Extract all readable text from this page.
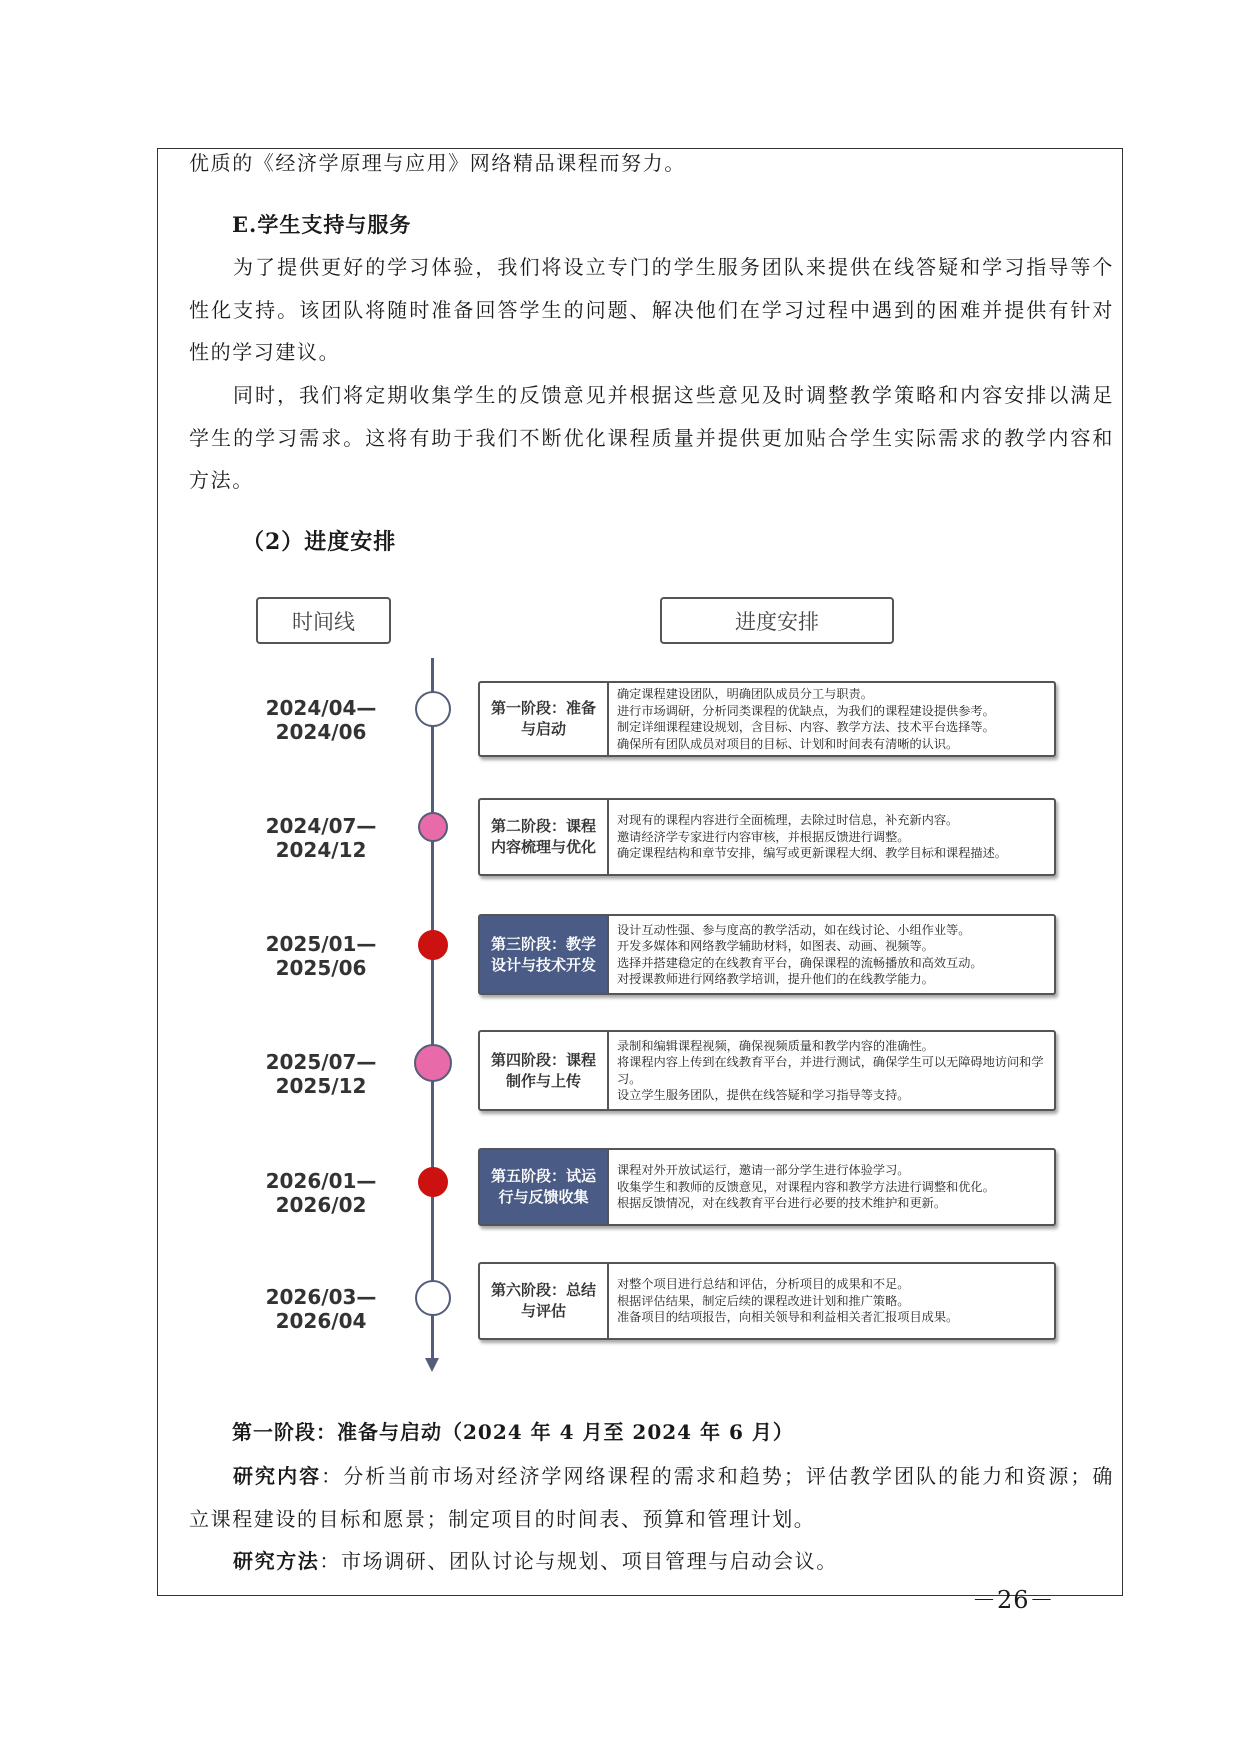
优质的《经济学原理与应用》网络精品课程而努力。

E.学生支持与服务

为了提供更好的学习体验，我们将设立专门的学生服务团队来提供在线答疑和学习指导等个性化支持。该团队将随时准备回答学生的问题、解决他们在学习过程中遇到的困难并提供有针对性的学习建议。

同时，我们将定期收集学生的反馈意见并根据这些意见及时调整教学策略和内容安排以满足学生的学习需求。这将有助于我们不断优化课程质量并提供更加贴合学生实际需求的教学内容和方法。

（2）进度安排

时间线	进度安排
2024/04—2024/06
第一阶段：准备与启动
确定课程建设团队，明确团队成员分工与职责。
进行市场调研，分析同类课程的优缺点，为我们的课程建设提供参考。
制定详细课程建设规划，含目标、内容、教学方法、技术平台选择等。
确保所有团队成员对项目的目标、计划和时间表有清晰的认识。
2024/07—2024/12
第二阶段：课程内容梳理与优化
对现有的课程内容进行全面梳理，去除过时信息，补充新内容。
邀请经济学专家进行内容审核，并根据反馈进行调整。
确定课程结构和章节安排，编写或更新课程大纲、教学目标和课程描述。
2025/01—2025/06
第三阶段：教学设计与技术开发
设计互动性强、参与度高的教学活动，如在线讨论、小组作业等。
开发多媒体和网络教学辅助材料，如图表、动画、视频等。
选择并搭建稳定的在线教育平台，确保课程的流畅播放和高效互动。
对授课教师进行网络教学培训，提升他们的在线教学能力。
2025/07—2025/12
第四阶段：课程制作与上传
录制和编辑课程视频，确保视频质量和教学内容的准确性。
将课程内容上传到在线教育平台，并进行测试，确保学生可以无障碍地访问和学习。
设立学生服务团队，提供在线答疑和学习指导等支持。
2026/01—2026/02
第五阶段：试运行与反馈收集
课程对外开放试运行，邀请一部分学生进行体验学习。
收集学生和教师的反馈意见，对课程内容和教学方法进行调整和优化。
根据反馈情况，对在线教育平台进行必要的技术维护和更新。
2026/03—2026/04
第六阶段：总结与评估
对整个项目进行总结和评估，分析项目的成果和不足。
根据评估结果，制定后续的课程改进计划和推广策略。
准备项目的结项报告，向相关领导和利益相关者汇报项目成果。

第一阶段：准备与启动（2024 年 4 月至 2024 年 6 月）

研究内容：分析当前市场对经济学网络课程的需求和趋势；评估教学团队的能力和资源；确立课程建设的目标和愿景；制定项目的时间表、预算和管理计划。

研究方法：市场调研、团队讨论与规划、项目管理与启动会议。

－26－
